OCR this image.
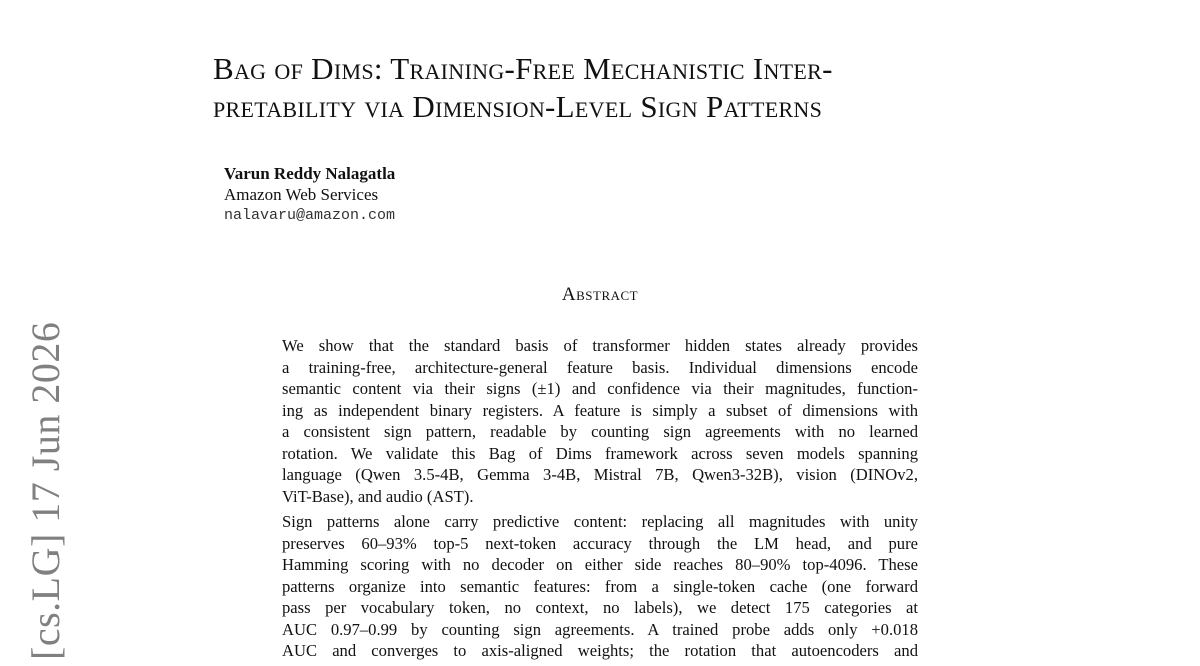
[cs.LG] 17 Jun 2026
Bag of Dims: Training-Free Mechanistic Inter-
pretability via Dimension-Level Sign Patterns
Varun Reddy Nalagatla
Amazon Web Services
nalavaru@amazon.com
Abstract

We show that the standard basis of transformer hidden states already provides
a training-free, architecture-general feature basis. Individual dimensions encode
semantic content via their signs (±1) and confidence via their magnitudes, function-
ing as independent binary registers. A feature is simply a subset of dimensions with
a consistent sign pattern, readable by counting sign agreements with no learned
rotation. We validate this Bag of Dims framework across seven models spanning
language (Qwen 3.5-4B, Gemma 3-4B, Mistral 7B, Qwen3-32B), vision (DINOv2,
ViT-Base), and audio (AST).

Sign patterns alone carry predictive content: replacing all magnitudes with unity
preserves 60–93% top-5 next-token accuracy through the LM head, and pure
Hamming scoring with no decoder on either side reaches 80–90% top-4096. These
patterns organize into semantic features: from a single-token cache (one forward
pass per vocabulary token, no context, no labels), we detect 175 categories at
AUC 0.97–0.99 by counting sign agreements. A trained probe adds only +0.018
AUC and converges to axis-aligned weights; the rotation that autoencoders and
